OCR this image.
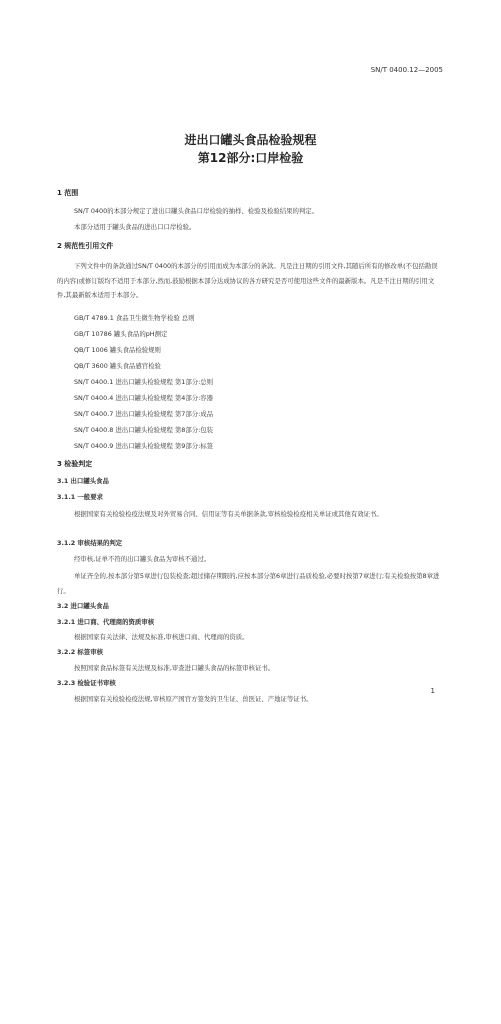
SN/T 0400.12—2005
进出口罐头食品检验规程
第12部分:口岸检验
1 范围
SN/T 0400的本部分规定了进出口罐头食品口岸检验的抽样、检验及检验结果的判定。
本部分适用于罐头食品的进出口口岸检验。
2 规范性引用文件
下列文件中的条款通过SN/T 0400的本部分的引用而成为本部分的条款。凡是注日期的引用文件,其随后所有的修改单(不包括勘误的内容)或修订版均不适用于本部分,然而,鼓励根据本部分达成协议的各方研究是否可使用这些文件的最新版本。凡是不注日期的引用文件,其最新版本适用于本部分。
GB/T 4789.1 食品卫生微生物学检验 总则
GB/T 10786 罐头食品的pH测定
QB/T 1006 罐头食品检验规则
QB/T 3600 罐头食品感官检验
SN/T 0400.1 进出口罐头检验规程 第1部分:总则
SN/T 0400.4 进出口罐头检验规程 第4部分:容器
SN/T 0400.7 进出口罐头检验规程 第7部分:成品
SN/T 0400.8 进出口罐头检验规程 第8部分:包装
SN/T 0400.9 进出口罐头检验规程 第9部分:标签
3 检验判定
3.1 出口罐头食品
3.1.1 一般要求
根据国家有关检验检疫法规及对外贸易合同、信用证等有关单据条款,审核检验检疫相关单证或其他有效证书。
3.1.2 审核结果的判定
经审核,证单不符的出口罐头食品为审核不通过。
单证齐全的,按本部分第5章进行包装检查;超过储存期限的,应按本部分第6章进行品质检验,必要时按第7章进行;有关检验按第8章进行。
3.2 进口罐头食品
3.2.1 进口商、代理商的资质审核
根据国家有关法律、法规及标准,审核进口商、代理商的资质。
3.2.2 标签审核
按照国家食品标签有关法规及标准,审查进口罐头食品的标签审核证书。
3.2.3 检验证书审核
根据国家有关检验检疫法规,审核原产国官方签发的卫生证、兽医证、产地证等证书。
1
